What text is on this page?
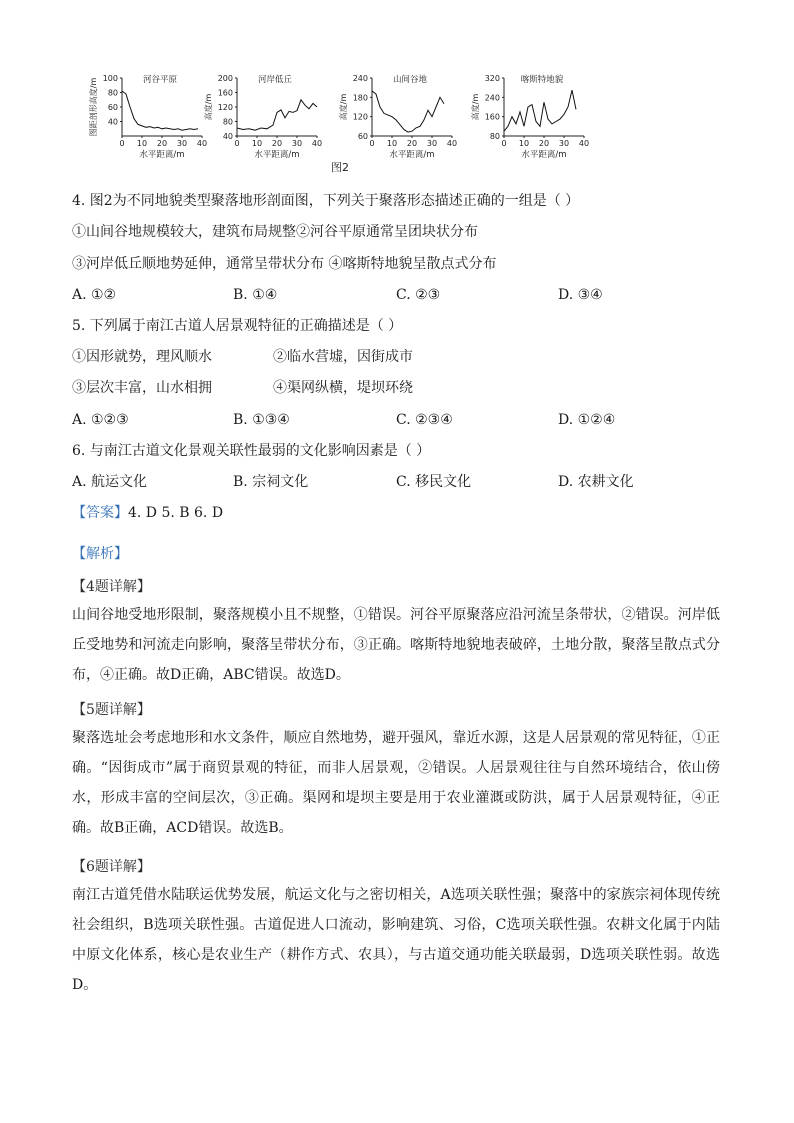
40
60
80
100
0 10 20 30 40
河谷平原
水平距离/m
图距剖形高度/m
40
80
120
160
200
0 10 20 30 40
河岸低丘
水平距离/m
高度/m
60
120
180
240
0 10 20 30 40
山间谷地
水平距离/m
高度/m
80
160
240
320
0 10 20 30 40
喀斯特地貌
水平距离/m
高度/m
图2
4. 图2为不同地貌类型聚落地形剖面图，下列关于聚落形态描述正确的一组是（ ）
①山间谷地规模较大，建筑布局规整②河谷平原通常呈团块状分布
③河岸低丘顺地势延伸，通常呈带状分布 ④喀斯特地貌呈散点式分布
A. ①②	B. ①④	C. ②③	D. ③④
5. 下列属于南江古道人居景观特征的正确描述是（ ）
①因形就势，理风顺水	②临水营墟，因街成市
③层次丰富，山水相拥	④渠网纵横，堤坝环绕
A. ①②③	B. ①③④	C. ②③④	D. ①②④
6. 与南江古道文化景观关联性最弱的文化影响因素是（ ）
A. 航运文化	B. 宗祠文化	C. 移民文化	D. 农耕文化
【答案】4. D 5. B 6. D
【解析】
【4题详解】
山间谷地受地形限制，聚落规模小且不规整，①错误。河谷平原聚落应沿河流呈条带状，②错误。河岸低丘受地势和河流走向影响，聚落呈带状分布，③正确。喀斯特地貌地表破碎，土地分散，聚落呈散点式分布，④正确。故D正确，ABC错误。故选D。
【5题详解】
聚落选址会考虑地形和水文条件，顺应自然地势，避开强风，靠近水源，这是人居景观的常见特征，①正确。“因街成市”属于商贸景观的特征，而非人居景观，②错误。人居景观往往与自然环境结合，依山傍水，形成丰富的空间层次，③正确。渠网和堤坝主要是用于农业灌溉或防洪，属于人居景观特征，④正确。故B正确，ACD错误。故选B。
【6题详解】
南江古道凭借水陆联运优势发展，航运文化与之密切相关，A选项关联性强；聚落中的家族宗祠体现传统社会组织，B选项关联性强。古道促进人口流动，影响建筑、习俗，C选项关联性强。农耕文化属于内陆中原文化体系，核心是农业生产（耕作方式、农具），与古道交通功能关联最弱，D选项关联性弱。故选D。
